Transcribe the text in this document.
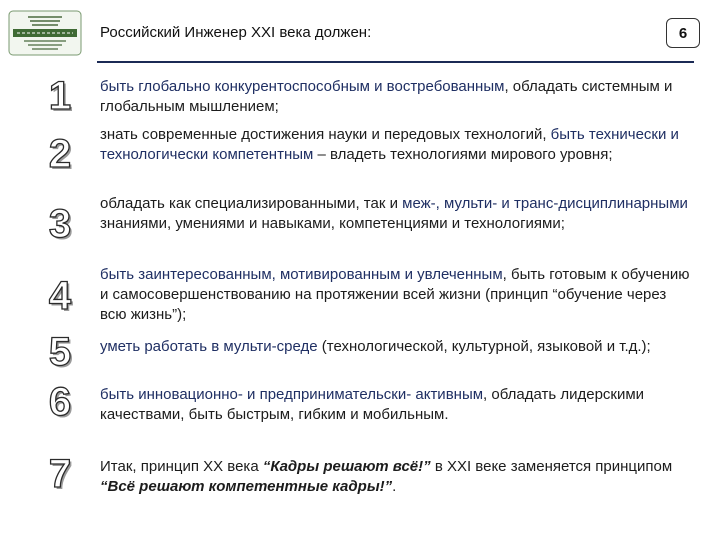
Российский Инженер XXI века должен:	6
1
2
3
4
5
6
7
быть глобально конкурентоспособным и востребованным, обладать системным и глобальным мышлением;
знать современные достижения науки и передовых технологий, быть технически и технологически компетентным – владеть технологиями мирового уровня;
обладать как специализированными, так и меж-, мульти- и транс-дисциплинарными знаниями, умениями и навыками, компетенциями и технологиями;
быть заинтересованным, мотивированным и увлеченным, быть готовым к обучению и самосовершенствованию на протяжении всей жизни (принцип “обучение через всю жизнь”);
уметь работать в мульти-среде (технологической, культурной, языковой и т.д.);
быть инновационно- и предпринимательски- активным, обладать лидерскими качествами, быть быстрым, гибким и мобильным.
Итак, принцип ХХ века “Кадры решают всё!” в XXI веке заменяется принципом “Всё решают компетентные кадры!”.
